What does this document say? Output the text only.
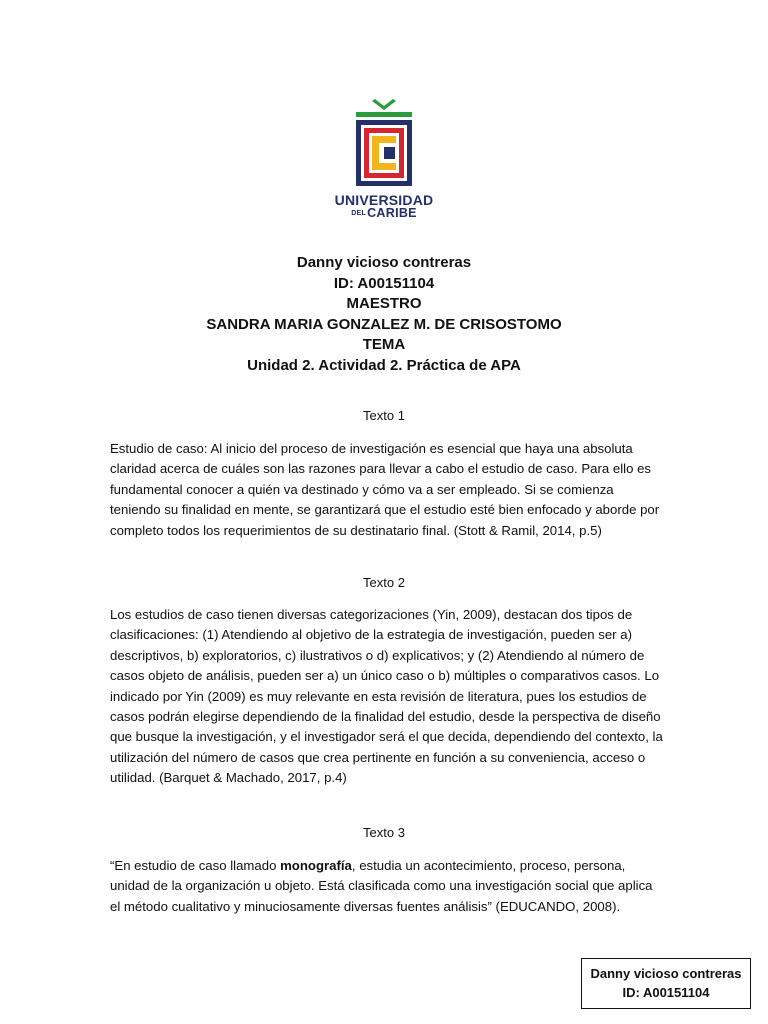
UNIVERSIDAD
DELCARIBE
Danny vicioso contreras
ID: A00151104
MAESTRO
SANDRA MARIA GONZALEZ M. DE CRISOSTOMO
TEMA
Unidad 2. Actividad 2. Práctica de APA
Texto 1
Estudio de caso: Al inicio del proceso de investigación es esencial que haya una absoluta claridad acerca de cuáles son las razones para llevar a cabo el estudio de caso. Para ello es fundamental conocer a quién va destinado y cómo va a ser empleado. Si se comienza teniendo su finalidad en mente, se garantizará que el estudio esté bien enfocado y aborde por completo todos los requerimientos de su destinatario final. (Stott & Ramil, 2014, p.5)
Texto 2
Los estudios de caso tienen diversas categorizaciones (Yin, 2009), destacan dos tipos de clasificaciones: (1) Atendiendo al objetivo de la estrategia de investigación, pueden ser a) descriptivos, b) exploratorios, c) ilustrativos o d) explicativos; y (2) Atendiendo al número de casos objeto de análisis, pueden ser a) un único caso o b) múltiples o comparativos casos. Lo indicado por Yin (2009) es muy relevante en esta revisión de literatura, pues los estudios de casos podrán elegirse dependiendo de la finalidad del estudio, desde la perspectiva de diseño que busque la investigación, y el investigador será el que decida, dependiendo del contexto, la utilización del número de casos que crea pertinente en función a su conveniencia, acceso o utilidad. (Barquet & Machado, 2017, p.4)
Texto 3
“En estudio de caso llamado monografía, estudia un acontecimiento, proceso, persona, unidad de la organización u objeto. Está clasificada como una investigación social que aplica el método cualitativo y minuciosamente diversas fuentes análisis” (EDUCANDO, 2008).
Danny vicioso contreras
ID: A00151104
